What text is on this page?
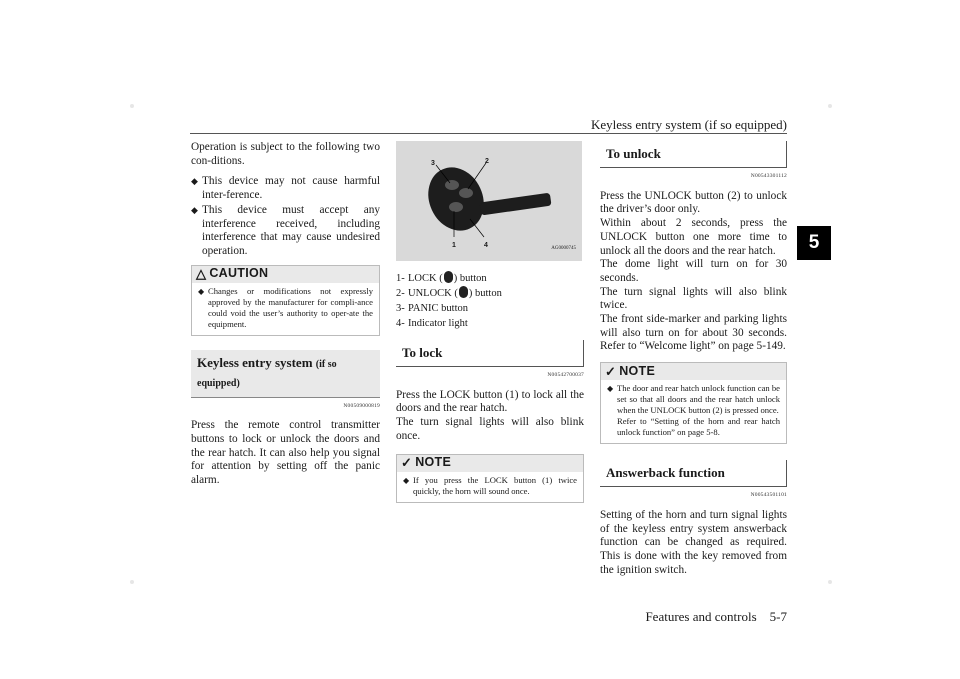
Keyless entry system (if so equipped)
5
Features and controls 5-7

Operation is subject to the following two con-ditions.

◆ This device may not cause harmful inter-ference.
◆ This device must accept any interference received, including interference that may cause undesired operation.
△ CAUTION
◆ Changes or modifications not expressly approved by the manufacturer for compli-ance could void the user’s authority to oper-ate the equipment.
Keyless entry system (if so equipped)
N00509000819

Press the remote control transmitter buttons to lock or unlock the doors and the rear hatch. It can also help you signal for attention by setting off the panic alarm.

3	2
1	4	AG0000745
1- LOCK ( ) button
2- UNLOCK ( ) button
3- PANIC button
4- Indicator light
To lock
N00542700037

Press the LOCK button (1) to lock all the doors and the rear hatch.
The turn signal lights will also blink once.

✓ NOTE
◆ If you press the LOCK button (1) twice quickly, the horn will sound once.
To unlock
N00543301112

Press the UNLOCK button (2) to unlock the driver’s door only.
Within about 2 seconds, press the UNLOCK button one more time to unlock all the doors and the rear hatch.
The dome light will turn on for 30 seconds.
The turn signal lights will also blink twice.
The front side-marker and parking lights will also turn on for about 30 seconds. Refer to “Welcome light” on page 5-149.

✓ NOTE
◆ The door and rear hatch unlock function can be set so that all doors and the rear hatch unlock when the UNLOCK button (2) is pressed once.
Refer to “Setting of the horn and rear hatch unlock function” on page 5-8.
Answerback function
N00543501101

Setting of the horn and turn signal lights of the keyless entry system answerback function can be changed as required. This is done with the key removed from the ignition switch.
